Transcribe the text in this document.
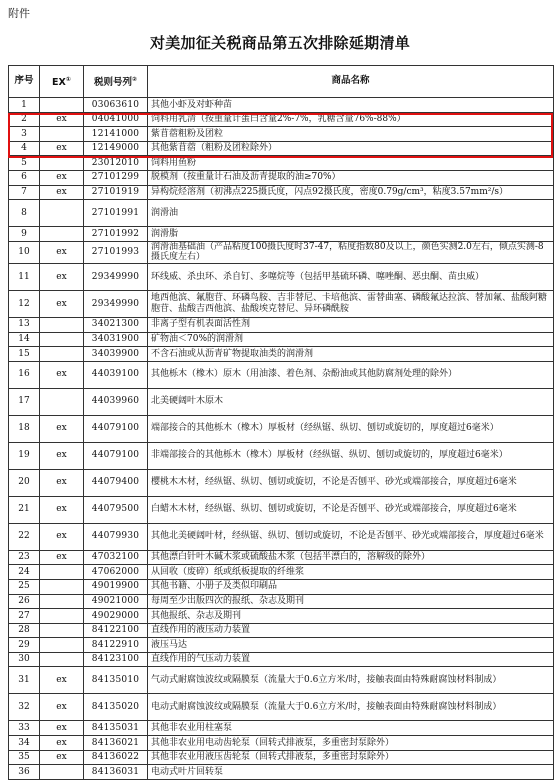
附件
对美加征关税商品第五次排除延期清单
序号	EX①	税则号列②	商品名称
1		03063610	其他小虾及对虾种苗
2	ex	04041000	饲料用乳清（按重量计蛋白含量2%-7%，乳糖含量76%-88%）
3		12141000	紫苜蓿粗粉及团粒
4	ex	12149000	其他紫苜蓿（粗粉及团粒除外）
5		23012010	饲料用鱼粉
6	ex	27101299	脱模剂（按重量计石油及沥青提取的油≥70%）
7	ex	27101919	异构烷烃溶剂（初沸点225摄氏度，闪点92摄氏度，密度0.79g/cm³，粘度3.57mm²/s）
8		27101991	润滑油
9		27101992	润滑脂
10	ex	27101993	润滑油基础油（产品粘度100摄氏度时37-47，粘度指数80及以上，颜色实测2.0左右，倾点实测-8摄氏度左右）
11	ex	29349990	环线威、杀虫环、杀自钉、多噻烷等（包括甲基硫环磷、噻唑酮、恶虫酮、苗虫威）
12	ex	29349990	地西他滨、氟胞苷、环磷鸟胺、吉非替尼、卡培他滨、雷替曲塞、磷酸氟达拉滨、替加氟、盐酸阿糖胞苷、盐酸吉西他滨、盐酸埃克替尼、异环磷酰胺
13		34021300	非离子型有机表面活性剂
14		34031900	矿物油＜70%的润滑剂
15		34039900	不含石油或从沥青矿物提取油类的润滑剂
16	ex	44039100	其他栎木（橡木）原木（用油漆、着色剂、杂酚油或其他防腐剂处理的除外）
17		44039960	北美硬阔叶木原木
18	ex	44079100	端部接合的其他栎木（橡木）厚板材（经纵锯、纵切、刨切或旋切的，厚度超过6毫米）
19	ex	44079100	非端部接合的其他栎木（橡木）厚板材（经纵锯、纵切、刨切或旋切的，厚度超过6毫米）
20	ex	44079400	樱桃木木材，经纵锯、纵切、刨切或旋切，不论是否刨平、砂光或端部接合，厚度超过6毫米
21	ex	44079500	白蜡木木材，经纵锯、纵切、刨切或旋切，不论是否刨平、砂光或端部接合，厚度超过6毫米
22	ex	44079930	其他北美硬阔叶材，经纵锯、纵切、刨切或旋切，不论是否刨平、砂光或端部接合，厚度超过6毫米
23	ex	47032100	其他漂白针叶木碱木浆或硫酸盐木浆（包括半漂白的，溶解级的除外）
24		47062000	从回收（废碎）纸或纸板提取的纤维浆
25		49019900	其他书籍、小册子及类似印刷品
26		49021000	每周至少出版四次的报纸、杂志及期刊
27		49029000	其他报纸、杂志及期刊
28		84122100	直线作用的液压动力装置
29		84122910	液压马达
30		84123100	直线作用的气压动力装置
31	ex	84135010	气动式耐腐蚀波纹或隔膜泵（流量大于0.6立方米/时，接触表面由特殊耐腐蚀材料制成）
32	ex	84135020	电动式耐腐蚀波纹或隔膜泵（流量大于0.6立方米/时，接触表面由特殊耐腐蚀材料制成）
33	ex	84135031	其他非农业用柱塞泵
34	ex	84136021	其他非农业用电动齿轮泵（回转式排液泵，多重密封泵除外）
35	ex	84136022	其他非农业用液压齿轮泵（回转式排液泵，多重密封泵除外）
36		84136031	电动式叶片回转泵
